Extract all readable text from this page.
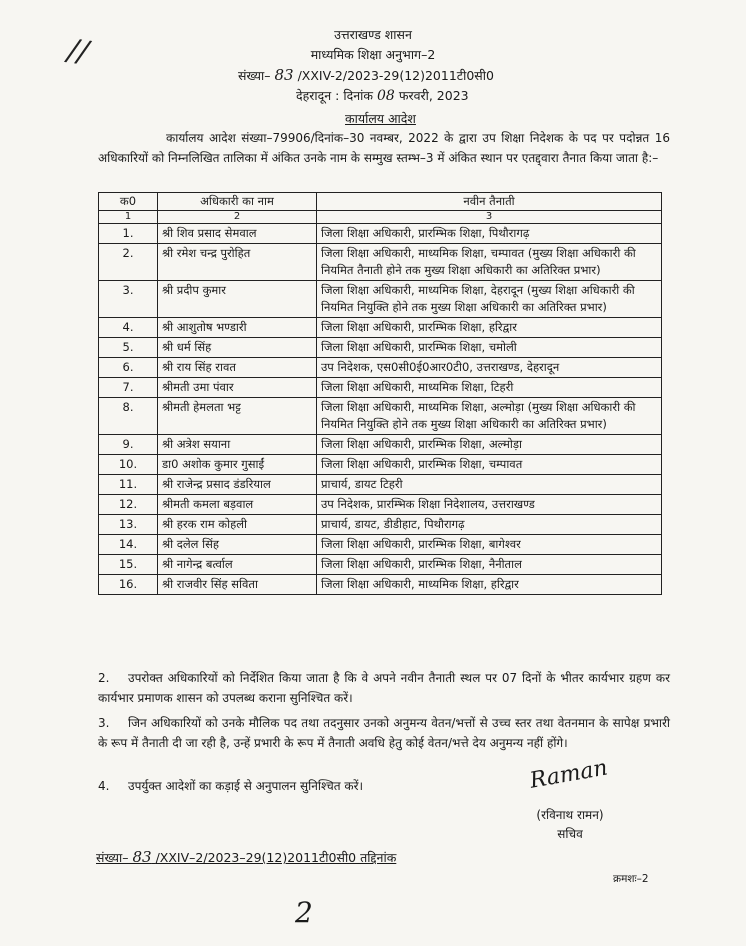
//	उत्तराखण्ड शासन
माध्यमिक शिक्षा अनुभाग–2
संख्या– 83 /XXIV-2/2023-29(12)2011टी0सी0
देहरादून : दिनांक 08 फरवरी, 2023
कार्यालय आदेश

कार्यालय आदेश संख्या–79906/दिनांक–30 नवम्बर, 2022 के द्वारा उप शिक्षा निदेशक के पद पर पदोन्नत 16 अधिकारियों को निम्नलिखित तालिका में अंकित उनके नाम के सम्मुख स्तम्भ–3 में अंकित स्थान पर एतद्द्वारा तैनात किया जाता है:–

क0	अधिकारी का नाम	नवीन तैनाती
1	2	3
1.	श्री शिव प्रसाद सेमवाल	जिला शिक्षा अधिकारी, प्रारम्भिक शिक्षा, पिथौरागढ़
2.	श्री रमेश चन्द्र पुरोहित	जिला शिक्षा अधिकारी, माध्यमिक शिक्षा, चम्पावत (मुख्य शिक्षा अधिकारी की नियमित तैनाती होने तक मुख्य शिक्षा अधिकारी का अतिरिक्त प्रभार)
3.	श्री प्रदीप कुमार	जिला शिक्षा अधिकारी, माध्यमिक शिक्षा, देहरादून (मुख्य शिक्षा अधिकारी की नियमित नियुक्ति होने तक मुख्य शिक्षा अधिकारी का अतिरिक्त प्रभार)
4.	श्री आशुतोष भण्डारी	जिला शिक्षा अधिकारी, प्रारम्भिक शिक्षा, हरिद्वार
5.	श्री धर्म सिंह	जिला शिक्षा अधिकारी, प्रारम्भिक शिक्षा, चमोली
6.	श्री राय सिंह रावत	उप निदेशक, एस0सी0ई0आर0टी0, उत्तराखण्ड, देहरादून
7.	श्रीमती उमा पंवार	जिला शिक्षा अधिकारी, माध्यमिक शिक्षा, टिहरी
8.	श्रीमती हेमलता भट्ट	जिला शिक्षा अधिकारी, माध्यमिक शिक्षा, अल्मोड़ा (मुख्य शिक्षा अधिकारी की नियमित नियुक्ति होने तक मुख्य शिक्षा अधिकारी का अतिरिक्त प्रभार)
9.	श्री अत्रेश सयाना	जिला शिक्षा अधिकारी, प्रारम्भिक शिक्षा, अल्मोड़ा
10.	डा0 अशोक कुमार गुसाईं	जिला शिक्षा अधिकारी, प्रारम्भिक शिक्षा, चम्पावत
11.	श्री राजेन्द्र प्रसाद डंडरियाल	प्राचार्य, डायट टिहरी
12.	श्रीमती कमला बड़वाल	उप निदेशक, प्रारम्भिक शिक्षा निदेशालय, उत्तराखण्ड
13.	श्री हरक राम कोहली	प्राचार्य, डायट, डीडीहाट, पिथौरागढ़
14.	श्री दलेल सिंह	जिला शिक्षा अधिकारी, प्रारम्भिक शिक्षा, बागेश्वर
15.	श्री नागेन्द्र बर्त्वाल	जिला शिक्षा अधिकारी, प्रारम्भिक शिक्षा, नैनीताल
16.	श्री राजवीर सिंह सविता	जिला शिक्षा अधिकारी, माध्यमिक शिक्षा, हरिद्वार
2. उपरोक्त अधिकारियों को निर्देशित किया जाता है कि वे अपने नवीन तैनाती स्थल पर 07 दिनों के भीतर कार्यभार ग्रहण कर कार्यभार प्रमाणक शासन को उपलब्ध कराना सुनिश्चित करें।
3. जिन अधिकारियों को उनके मौलिक पद तथा तदनुसार उनको अनुमन्य वेतन/भत्तों से उच्च स्तर तथा वेतनमान के सापेक्ष प्रभारी के रूप में तैनाती दी जा रही है, उन्हें प्रभारी के रूप में तैनाती अवधि हेतु कोई वेतन/भत्ते देय अनुमन्य नहीं होंगे।
4. उपर्युक्त आदेशों का कड़ाई से अनुपालन सुनिश्चित करें।	Raman
(रविनाथ रामन)
सचिव
संख्या– 83 /XXIV–2/2023–29(12)2011टी0सी0 तद्दिनांक
क्रमशः–2
2
